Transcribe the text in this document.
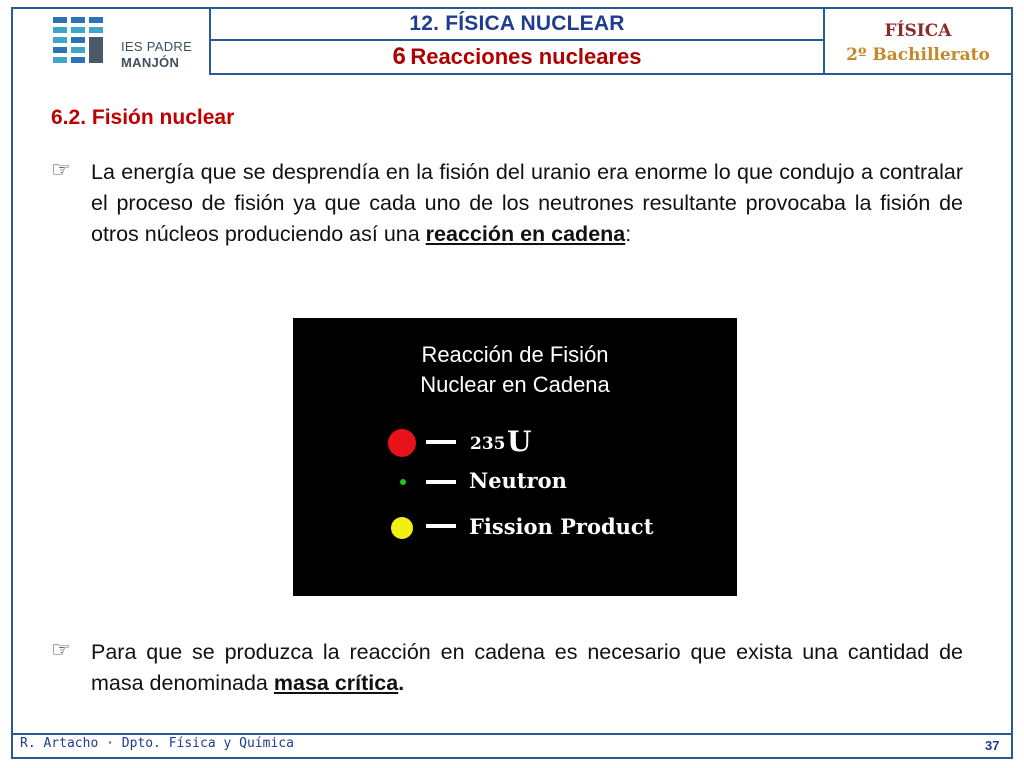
IES PADRE
MANJÓN
12. FÍSICA NUCLEAR
6 Reacciones nucleares
FÍSICA
2º Bachillerato
6.2. Fisión nuclear
☞ La energía que se desprendía en la fisión del uranio era enorme lo que condujo a contralar el proceso de fisión ya que cada uno de los neutrones resultante provocaba la fisión de otros núcleos produciendo así una reacción en cadena:
Reacción de Fisión
Nuclear en Cadena
235 U
Neutron
Fission Product
☞ Para que se produzca la reacción en cadena es necesario que exista una cantidad de masa denominada masa crítica.
R. Artacho · Dpto. Física y Química	37
